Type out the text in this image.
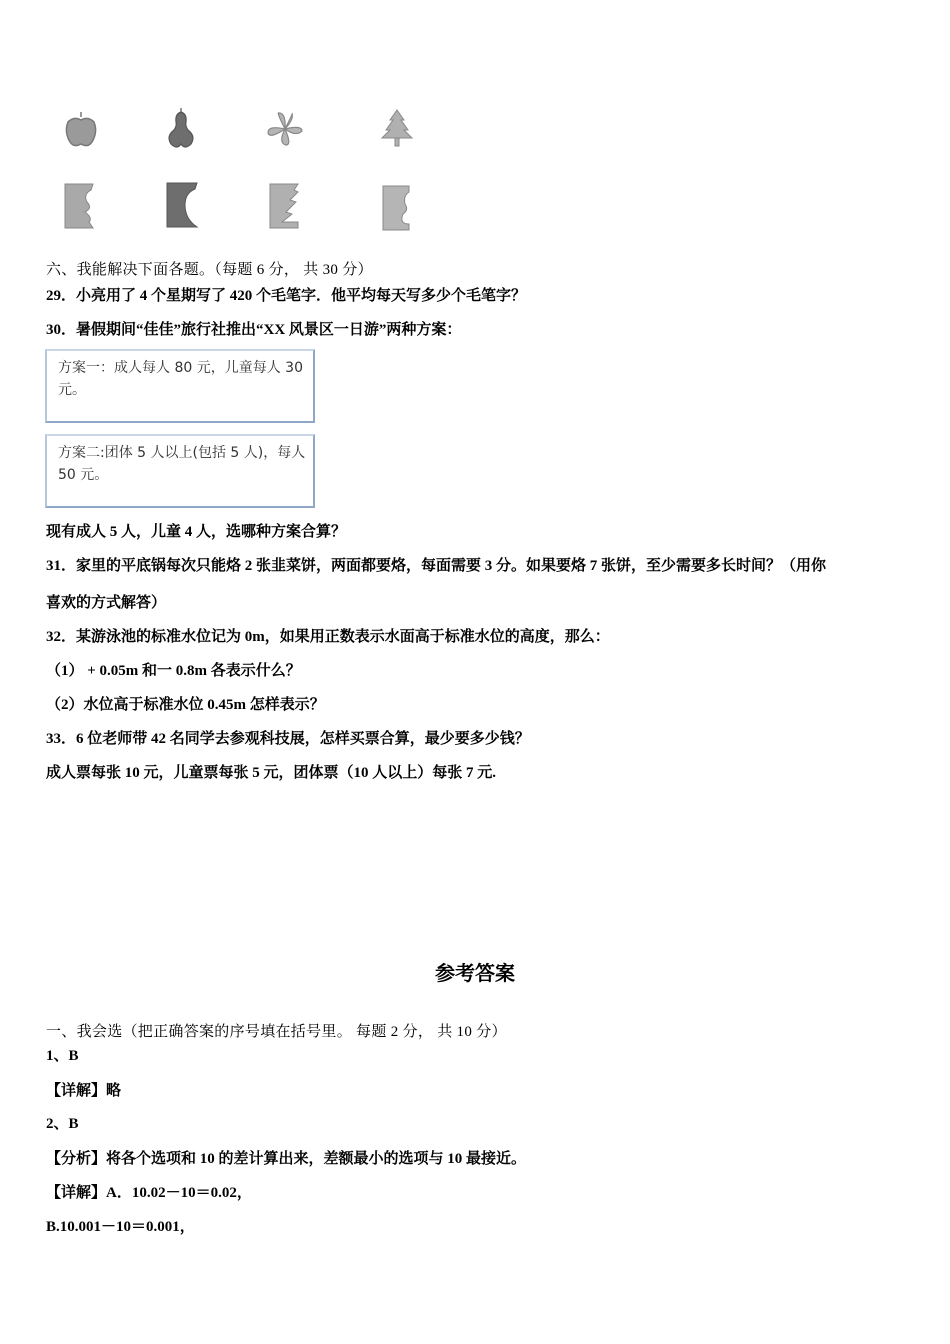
六、我能解决下面各题。（每题 6 分， 共 30 分）
29．小亮用了 4 个星期写了 420 个毛笔字．他平均每天写多少个毛笔字？
30．暑假期间“佳佳”旅行社推出“XX 风景区一日游”两种方案：
方案一：成人每人 80 元，儿童每人 30 元。
方案二:团体 5 人以上(包括 5 人)，每人 50 元。
现有成人 5 人，儿童 4 人，选哪种方案合算？
31．家里的平底锅每次只能烙 2 张韭菜饼，两面都要烙，每面需要 3 分。如果要烙 7 张饼，至少需要多长时间？（用你
喜欢的方式解答）
32．某游泳池的标准水位记为 0m，如果用正数表示水面高于标准水位的高度，那么：
（1） + 0.05m 和一 0.8m 各表示什么？
（2）水位高于标准水位 0.45m 怎样表示？
33．6 位老师带 42 名同学去参观科技展，怎样买票合算，最少要多少钱？
成人票每张 10 元，儿童票每张 5 元，团体票（10 人以上）每张 7 元.
参考答案
一、我会选（把正确答案的序号填在括号里。 每题 2 分， 共 10 分）
1、B
【详解】略
2、B
【分析】将各个选项和 10 的差计算出来，差额最小的选项与 10 最接近。
【详解】A．10.02－10＝0.02，
B.10.001－10＝0.001，
